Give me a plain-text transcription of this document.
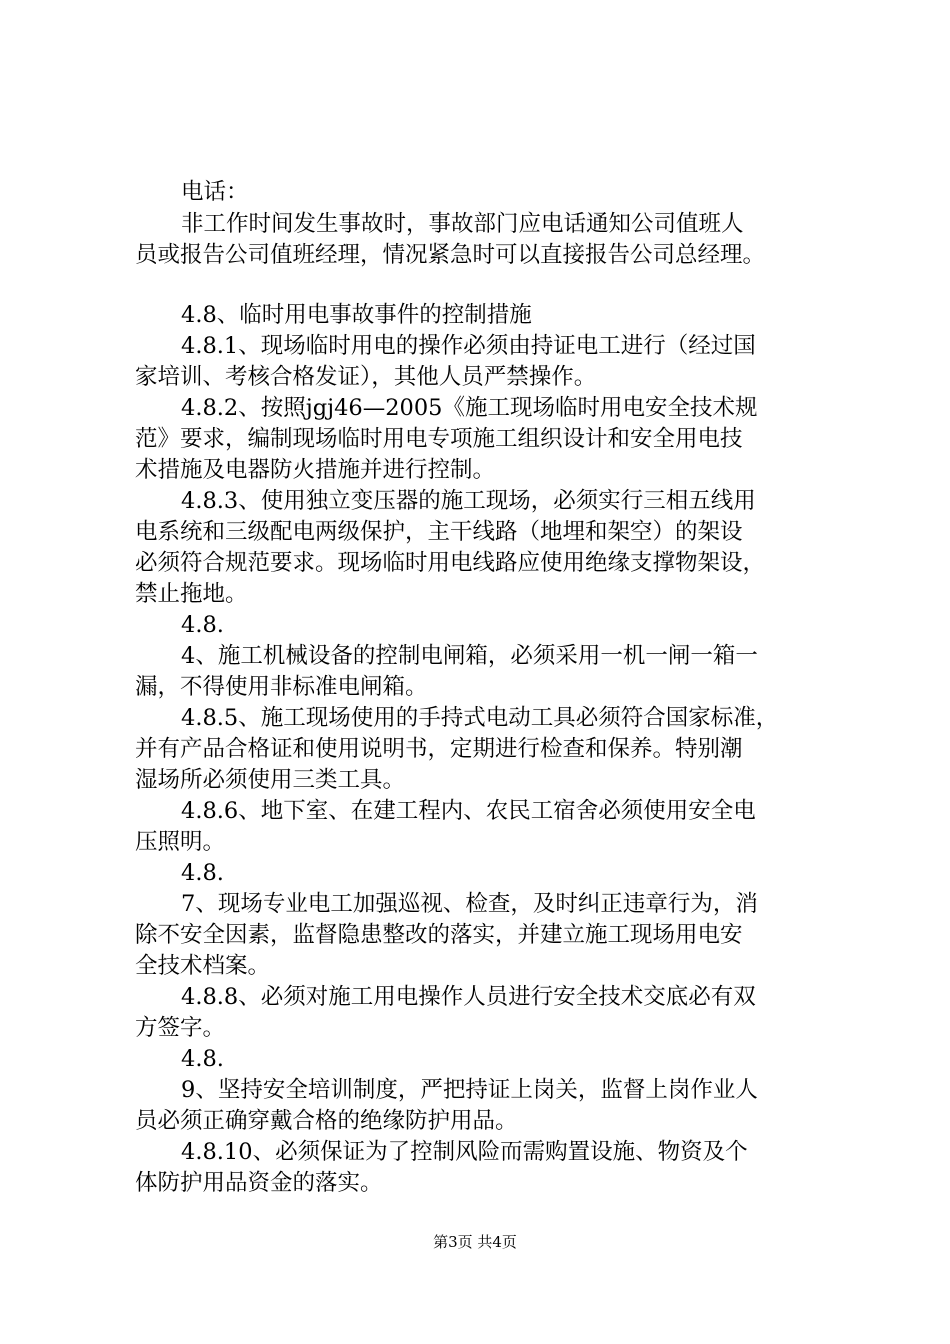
电话：
非工作时间发生事故时，事故部门应电话通知公司值班人
员或报告公司值班经理，情况紧急时可以直接报告公司总经理。
4.8、临时用电事故事件的控制措施
4.8.1、现场临时用电的操作必须由持证电工进行（经过国
家培训、考核合格发证），其他人员严禁操作。
4.8.2、按照jgj46—2005《施工现场临时用电安全技术规
范》要求，编制现场临时用电专项施工组织设计和安全用电技
术措施及电器防火措施并进行控制。
4.8.3、使用独立变压器的施工现场，必须实行三相五线用
电系统和三级配电两级保护，主干线路（地埋和架空）的架设
必须符合规范要求。现场临时用电线路应使用绝缘支撑物架设，
禁止拖地。
4.8.
4、施工机械设备的控制电闸箱，必须采用一机一闸一箱一
漏，不得使用非标准电闸箱。
4.8.5、施工现场使用的手持式电动工具必须符合国家标准，
并有产品合格证和使用说明书，定期进行检查和保养。特别潮
湿场所必须使用三类工具。
4.8.6、地下室、在建工程内、农民工宿舍必须使用安全电
压照明。
4.8.
7、现场专业电工加强巡视、检查，及时纠正违章行为，消
除不安全因素，监督隐患整改的落实，并建立施工现场用电安
全技术档案。
4.8.8、必须对施工用电操作人员进行安全技术交底必有双
方签字。
4.8.
9、坚持安全培训制度，严把持证上岗关，监督上岗作业人
员必须正确穿戴合格的绝缘防护用品。
4.8.10、必须保证为了控制风险而需购置设施、物资及个
体防护用品资金的落实。
第3页 共4页
